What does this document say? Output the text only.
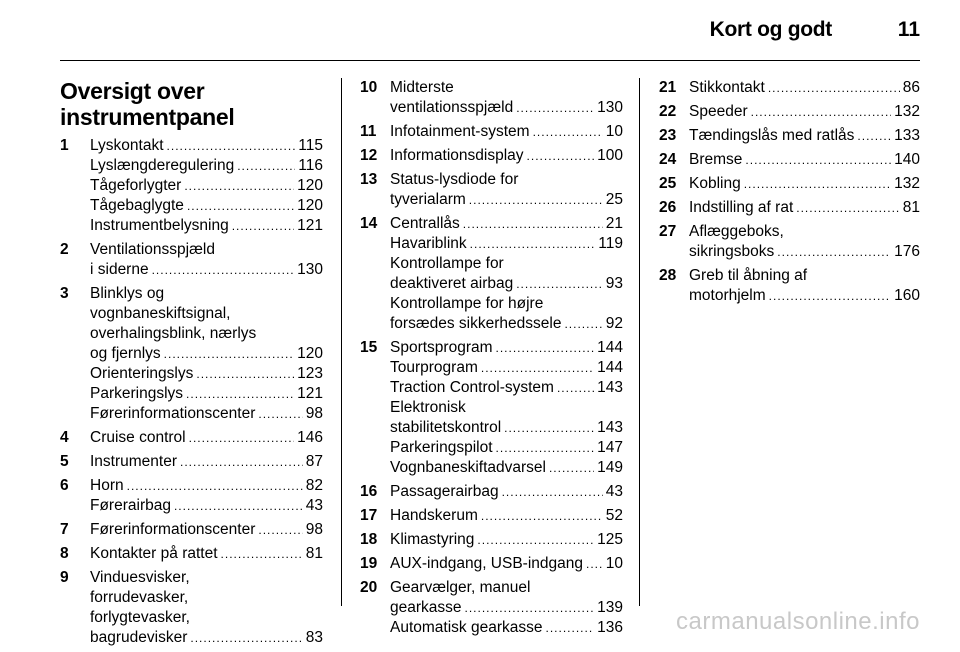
Kort og godt	11
Oversigt over instrumentpanel
1 Lyskontakt .....	115
Lyslængderegulering .....	116
Tågeforlygter .....	120
Tågebaglygte .....	120
Instrumentbelysning .....	121
2 Ventilationsspjæld
i siderne .....	130
3 Blinklys og
vognbaneskiftsignal,
overhalingsblink, nærlys
og fjernlys .....	120
Orienteringslys .....	123
Parkeringslys .....	121
Førerinformationscenter .....	98
4 Cruise control .....	146
5 Instrumenter .....	87
6 Horn .....	82
Førerairbag .....	43
7 Førerinformationscenter .....	98
8 Kontakter på rattet .....	81
9 Vinduesvisker,
forrudevasker,
forlygtevasker,
bagrudevisker .....	83
10 Midterste
ventilationsspjæld .....	130
11 Infotainment-system .....	10
12 Informationsdisplay .....	100
13 Status-lysdiode for
tyverialarm .....	25
14 Centrallås .....	21
Havariblink .....	119
Kontrollampe for
deaktiveret airbag .....	93
Kontrollampe for højre
forsædes sikkerhedssele .....	92
15 Sportsprogram .....	144
Tourprogram .....	144
Traction Control-system .....	143
Elektronisk
stabilitetskontrol .....	143
Parkeringspilot .....	147
Vognbaneskiftadvarsel .....	149
16 Passagerairbag .....	43
17 Handskerum .....	52
18 Klimastyring .....	125
19 AUX-indgang, USB-indgang ..... 10
20 Gearvælger, manuel
gearkasse .....	139
Automatisk gearkasse .....	136
21 Stikkontakt .....	86
22 Speeder .....	132
23 Tændingslås med ratlås .....	133
24 Bremse .....	140
25 Kobling .....	132
26 Indstilling af rat .....	81
27 Aflæggeboks,
sikringsboks .....	176
28 Greb til åbning af
motorhjelm .....	160
carmanualsonline.info
